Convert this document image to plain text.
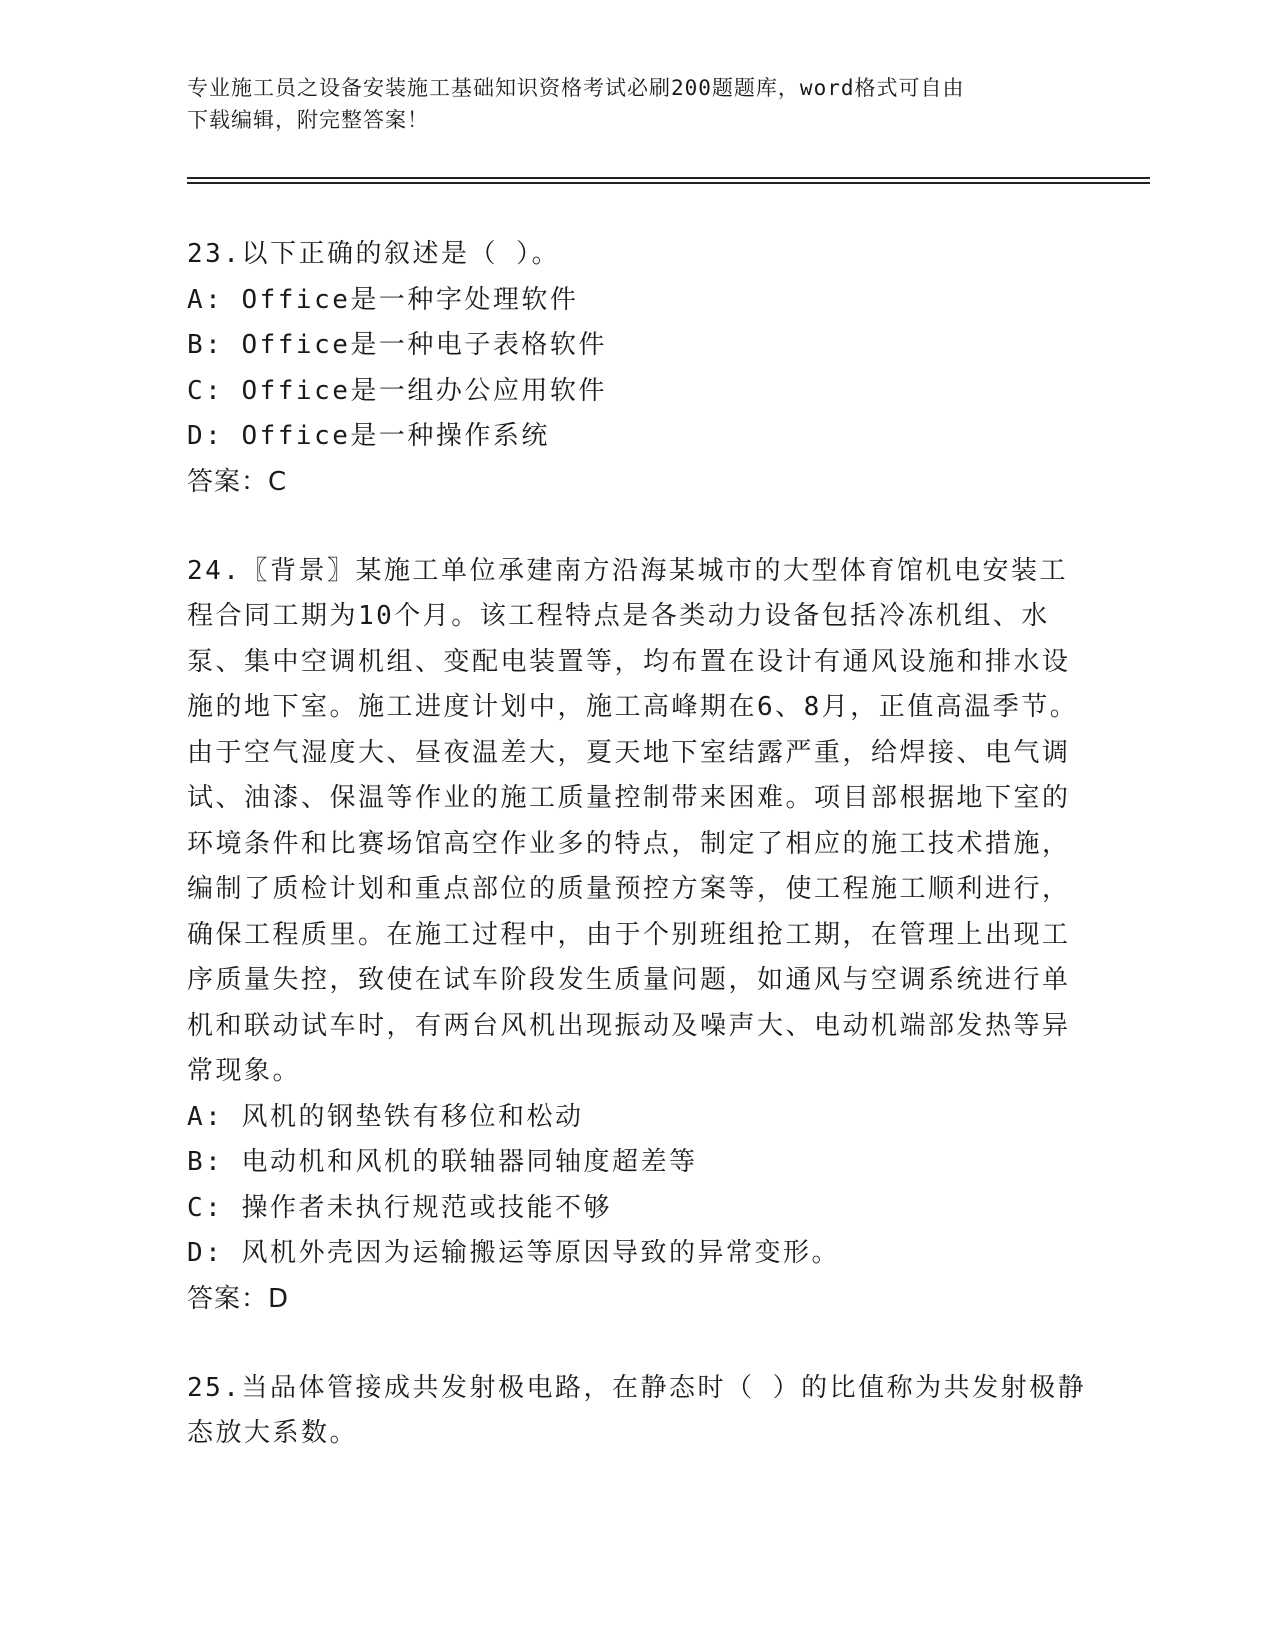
专业施工员之设备安装施工基础知识资格考试必刷200题题库，word格式可自由
下载编辑，附完整答案！
23.以下正确的叙述是（ ）。
A: Office是一种字处理软件
B: Office是一种电子表格软件
C: Office是一组办公应用软件
D: Office是一种操作系统
答案：C
24.〖背景〗某施工单位承建南方沿海某城市的大型体育馆机电安装工程合同工期为10个月。该工程特点是各类动力设备包括冷冻机组、水泵、集中空调机组、变配电装置等，均布置在设计有通风设施和排水设施的地下室。施工进度计划中，施工高峰期在6、8月，正值高温季节。由于空气湿度大、昼夜温差大，夏天地下室结露严重，给焊接、电气调试、油漆、保温等作业的施工质量控制带来困难。项目部根据地下室的环境条件和比赛场馆高空作业多的特点，制定了相应的施工技术措施，编制了质检计划和重点部位的质量预控方案等，使工程施工顺利进行，确保工程质里。在施工过程中，由于个别班组抢工期，在管理上出现工序质量失控，致使在试车阶段发生质量问题，如通风与空调系统进行单机和联动试车时，有两台风机出现振动及噪声大、电动机端部发热等异常现象。
A: 风机的钢垫铁有移位和松动
B: 电动机和风机的联轴器同轴度超差等
C: 操作者未执行规范或技能不够
D: 风机外壳因为运输搬运等原因导致的异常变形。
答案：D
25.当品体管接成共发射极电路，在静态时（ ）的比值称为共发射极静态放大系数。
